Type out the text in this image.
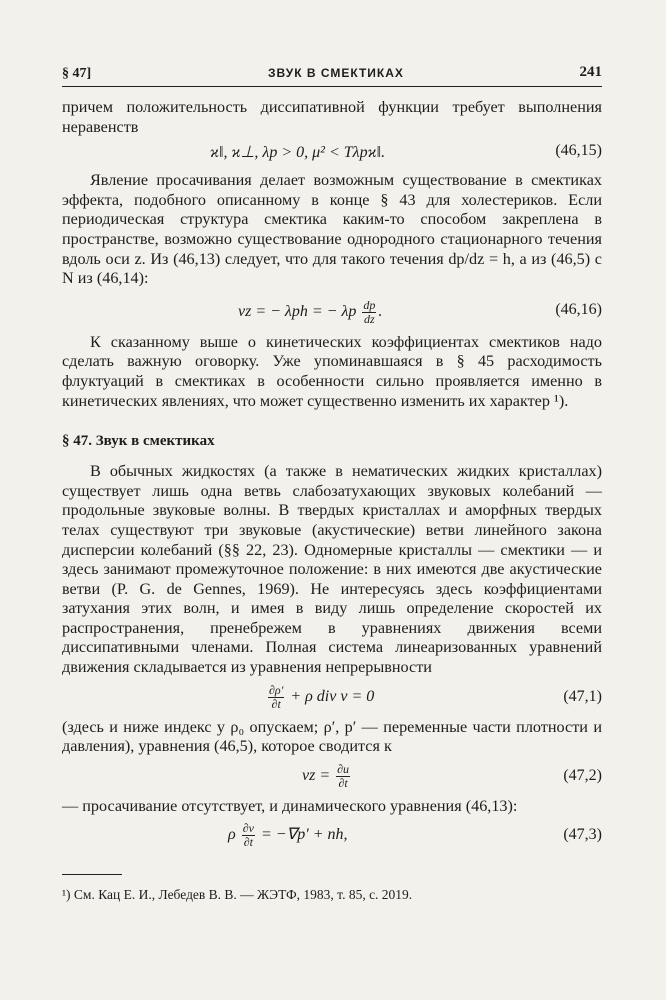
§ 47]	ЗВУК В СМЕКТИКАХ	241

причем положительность диссипативной функции требует выполнения неравенств

ϰ‖, ϰ⊥, λp > 0, μ² < Tλpϰ‖.	(46,15)

Явление просачивания делает возможным существование в смектиках эффекта, подобного описанному в конце § 43 для холестериков. Если периодическая структура смектика каким-то способом закреплена в пространстве, возможно существование однородного стационарного течения вдоль оси z. Из (46,13) следует, что для такого течения dp/dz = h, а из (46,5) с N из (46,14):

vz = − λph = − λp $\frac{dp}{dz}$ .	(46,16)

К сказанному выше о кинетических коэффициентах смектиков надо сделать важную оговорку. Уже упоминавшаяся в § 45 расходимость флуктуаций в смектиках в особенности сильно проявляется именно в кинетических явлениях, что может существенно изменить их характер ¹).

§ 47. Звук в смектиках

В обычных жидкостях (а также в нематических жидких кристаллах) существует лишь одна ветвь слабозатухающих звуковых колебаний — продольные звуковые волны. В твердых кристаллах и аморфных твердых телах существуют три звуковые (акустические) ветви линейного закона дисперсии колебаний (§§ 22, 23). Одномерные кристаллы — смектики — и здесь занимают промежуточное положение: в них имеются две акустические ветви (P. G. de Gennes, 1969). Не интересуясь здесь коэффициентами затухания этих волн, и имея в виду лишь определение скоростей их распространения, пренебрежем в уравнениях движения всеми диссипативными членами. Полная система линеаризованных уравнений движения складывается из уравнения непрерывности

$\frac{\partial\rho'}{\partial t} + \rho$ div v = 0	(47,1)

(здесь и ниже индекс у ρ₀ опускаем; ρ′, p′ — переменные части плотности и давления), уравнения (46,5), которое сводится к

vz = $\frac{\partial u}{\partial t}$	(47,2)

— просачивание отсутствует, и динамического уравнения (46,13):

ρ $\frac{\partial v}{\partial t} = -\nabla p'$ + nh,	(47,3)

¹) См. Кац Е. И., Лебедев В. В. — ЖЭТФ, 1983, т. 85, с. 2019.
